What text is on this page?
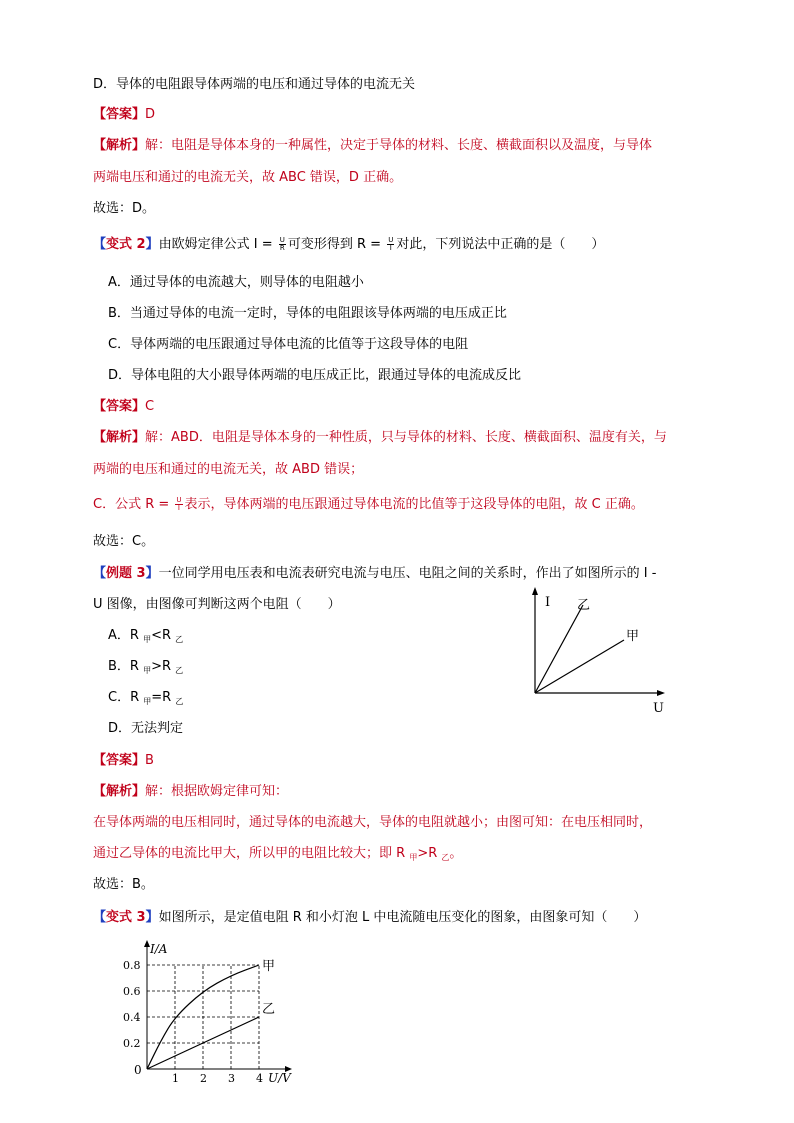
D．导体的电阻跟导体两端的电压和通过导体的电流无关
【答案】D
【解析】解：电阻是导体本身的一种属性，决定于导体的材料、长度、横截面积以及温度，与导体
两端电压和通过的电流无关，故 ABC 错误，D 正确。
故选：D。
【变式 2】由欧姆定律公式 $I = \frac{U}{R}$ 可变形得到 $R = \frac{U}{I}$ 对此，下列说法中正确的是（　　）
A．通过导体的电流越大，则导体的电阻越小
B．当通过导体的电流一定时，导体的电阻跟该导体两端的电压成正比
C．导体两端的电压跟通过导体电流的比值等于这段导体的电阻
D．导体电阻的大小跟导体两端的电压成正比，跟通过导体的电流成反比
【答案】C
【解析】解：ABD．电阻是导体本身的一种性质，只与导体的材料、长度、横截面积、温度有关，与
两端的电压和通过的电流无关，故 ABD 错误；
C．公式 $R = \frac{U}{I}$ 表示，导体两端的电压跟通过导体电流的比值等于这段导体的电阻，故 C 正确。
故选：C。
【例题 3】一位同学用电压表和电流表研究电流与电压、电阻之间的关系时，作出了如图所示的 I -
U 图像，由图像可判断这两个电阻（　　）
A．R $_甲$<R $_乙$
B．R $_甲$>R $_乙$
C．R $_甲$=R $_乙$
D．无法判定
I
U
乙
甲
【答案】B
【解析】解：根据欧姆定律可知：
在导体两端的电压相同时，通过导体的电流越大，导体的电阻就越小；由图可知：在电压相同时，
通过乙导体的电流比甲大，所以甲的电阻比较大；即 R $_甲$>R $_乙$。
故选：B。
【变式 3】如图所示，是定值电阻 R 和小灯泡 L 中电流随电压变化的图象，由图象可知（　　）
1 2 3 4
0.2
0.4
0.6
0.8
I/A
U/V
0
甲
乙
